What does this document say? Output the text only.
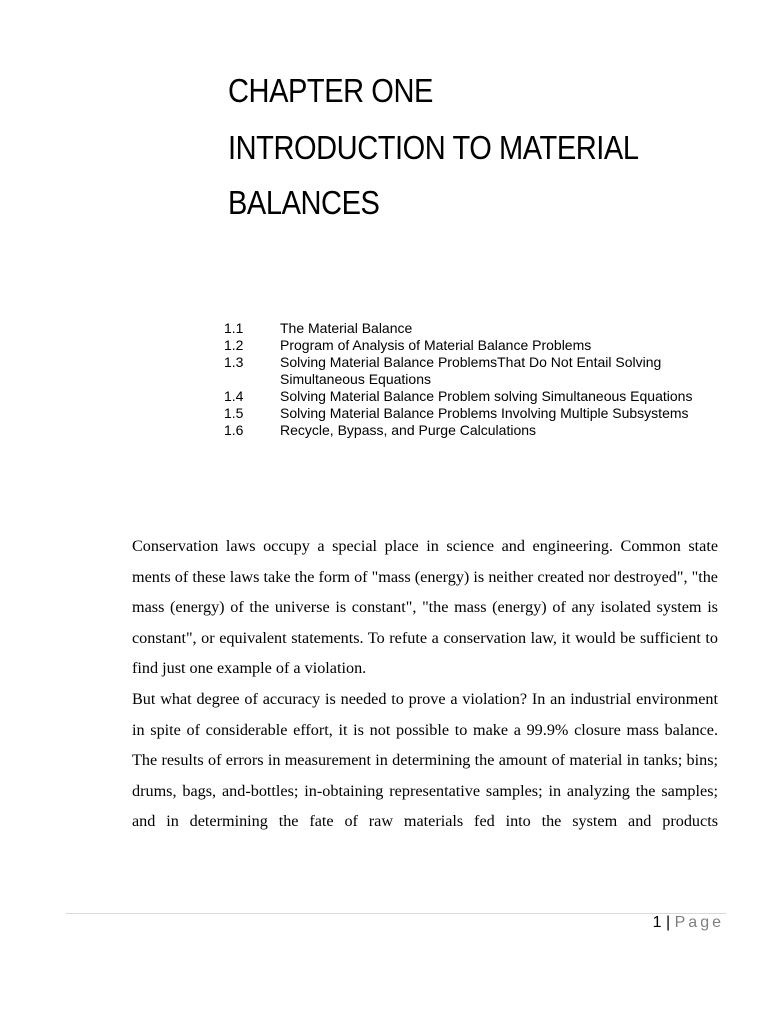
CHAPTER ONE
INTRODUCTION TO MATERIAL
BALANCES
1.1	The Material Balance
1.2	Program of Analysis of Material Balance Problems
1.3	Solving Material Balance ProblemsThat Do Not Entail Solving Simultaneous Equations
1.4	Solving Material Balance Problem solving Simultaneous Equations
1.5	Solving Material Balance Problems Involving Multiple Subsystems
1.6	Recycle, Bypass, and Purge Calculations

Conservation laws occupy a special place in science and engineering. Common state ments of these laws take the form of "mass (energy) is neither created nor destroyed", "the mass (energy) of the universe is constant", "the mass (energy) of any isolated system is constant", or equivalent statements. To refute a conservation law, it would be sufficient to find just one example of a violation.

But what degree of accuracy is needed to prove a violation? In an industrial environment in spite of considerable effort, it is not possible to make a 99.9% closure mass balance. The results of errors in measurement in determining the amount of material in tanks; bins; drums, bags, and-bottles; in-obtaining representative samples; in analyzing the samples; and in determining the fate of raw materials fed into the system and products

1 | Page
